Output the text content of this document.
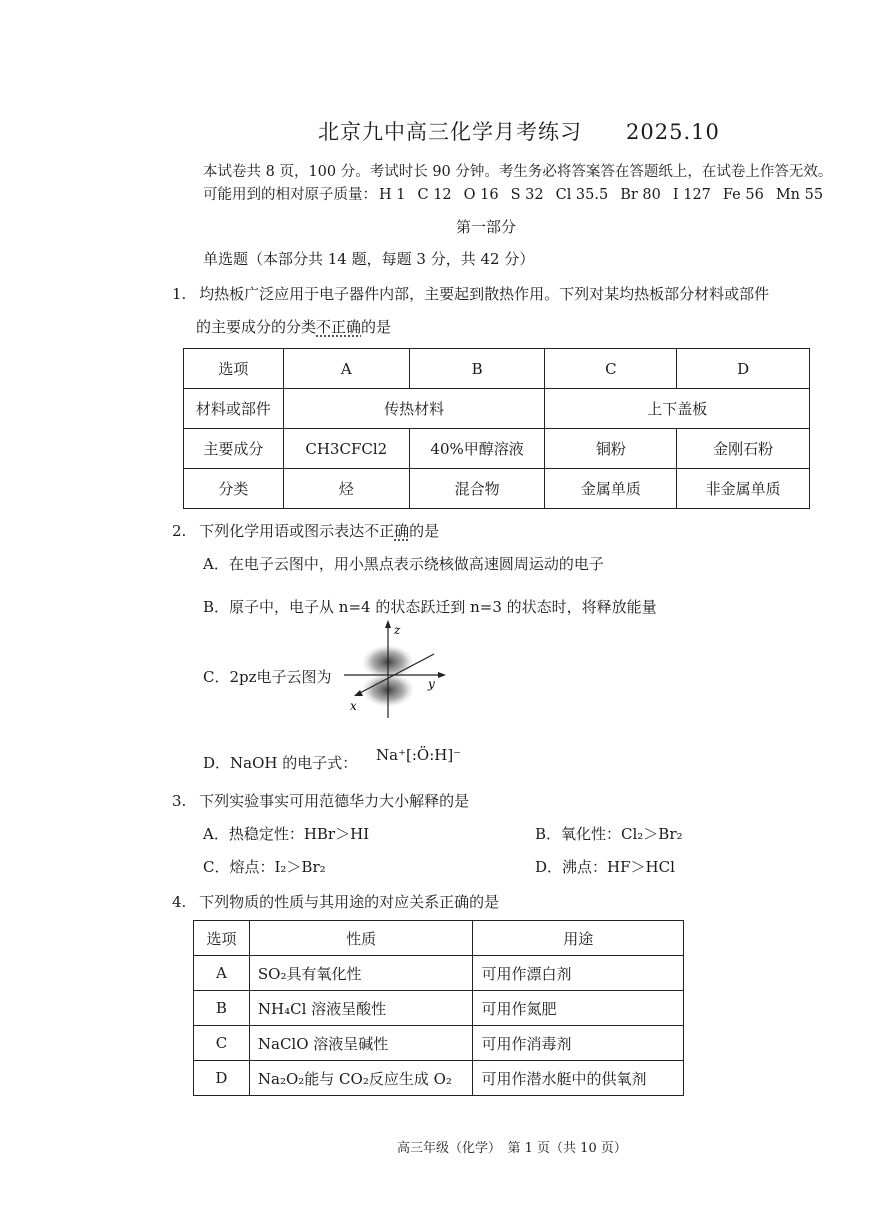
北京九中高三化学月考练习 2025.10
本试卷共 8 页，100 分。考试时长 90 分钟。考生务必将答案答在答题纸上，在试卷上作答无效。
可能用到的相对原子质量： H 1 C 12 O 16 S 32 Cl 35.5 Br 80 I 127 Fe 56 Mn 55
第一部分
单选题（本部分共 14 题，每题 3 分，共 42 分）
1. 均热板广泛应用于电子器件内部，主要起到散热作用。下列对某均热板部分材料或部件
的主要成分的分类不正确的是
选项	A	B	C	D
材料或部件	传热材料		上下盖板	
主要成分	CH3CFCl2	40%甲醇溶液	铜粉	金刚石粉
分类	烃	混合物	金属单质	非金属单质
2. 下列化学用语或图示表达不正确的是
A．在电子云图中，用小黑点表示绕核做高速圆周运动的电子
B．原子中，电子从 n=4 的状态跃迁到 n=3 的状态时，将释放能量
C．2pz电子云图为
z
y
x
D．NaOH 的电子式： Na⁺[:Ö:H]⁻
3. 下列实验事实可用范德华力大小解释的是
A．热稳定性：HBr＞HI	B．氧化性：Cl₂＞Br₂
C．熔点：I₂＞Br₂	D．沸点：HF＞HCl
4. 下列物质的性质与其用途的对应关系正确的是
选项	性质	用途
A	SO₂具有氧化性	可用作漂白剂
B	NH₄Cl 溶液呈酸性	可用作氮肥
C	NaClO 溶液呈碱性	可用作消毒剂
D	Na₂O₂能与 CO₂反应生成 O₂	可用作潜水艇中的供氧剂
高三年级（化学）　第 1 页（共 10 页）
